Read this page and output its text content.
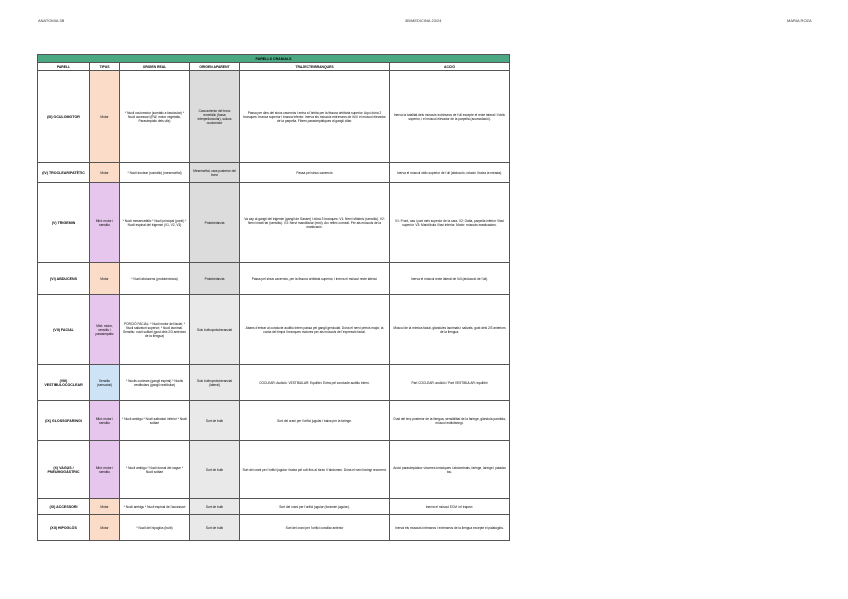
ANATOMIA 3B	3B/MEDICINA 23/24	MARIA ROZA
PARELLS CRANIALS					
PARELL	TIPUS	ORIGEN REAL	ORIGEN APARENT	TRAJECTE/BRANQUES	ACCIÓ
(III) OCULOMOTOR	Motor	* Nucli oculomotor (somàtic a fascicular) * Nucli accessori (EW, motor vegetatiu, Parasimpàtic dels ulls)	Cara anterior del tronc encefàlic (fossa interpeduncular), sulcus oculomotor	Passa per dins del sinus cavernós i entra a l'òrbita per la fissura orbitària superior. Aquí dóna 2 branques: branca superior i branca inferior. Inerva els músculs extrínsecs de l'ull i el múscul elevador de la parpella. Fibres parasimpàtiques al gangli ciliar.	Inerva la totalitat dels músculs extrínsecs de l'ull excepte el recte lateral i l'oblic superior, i el múscul elevador de la parpella (acomodació).
(IV) TROCLEAR/PATÈTIC	Motor	* Nucli troclear (somàtic) (mesencèfal)	Mesencèfal, cara posterior del tronc	Passa pel sinus cavernós	Inerva el múscul oblic superior de l'ull (abducció, rotació i baixa la mirada).
(V) TRIGEMIN	Mixt: motor i sensitiu	* Nucli mesencefàlic * Nucli principal (pontí) * Nucli espinal del trigemin (V1, V2, V3)	Protuberància	Va cap al gangli del trigemin (gangli de Gasser) i dóna 3 branques: V1: Nervi oftàlmic (sensitiu). V2: Nervi maxil·lar (sensitiu). V3: Nervi mandibular (mixt). Arc reflex corneal. Per als músculs de la masticació.	V1: Front, nas i part més superior de la cara. V2: Galta, parpella inferior i llavi superior. V3: Mandíbula i llavi inferior. Motor: músculs masticadors.
(VI) ABDUCENS	Motor	* Nucli abducens (protuberància)	Protuberància	Passa pel sinus cavernós, per la fissura orbitària superior, i inerva el múscul recte lateral.	Inerva el múscul recte lateral de l'ull (abducció de l'ull).
(VII) FACIAL	Mixt: motor, sensitiu i parasimpàtic	PORCIÓ FACIAL: * Nucli motor del facial; * Nucli salivatori superior; * Nucli lacrimal. Sensitiu: nucli solitari (gust dels 2/3 anteriors de la llengua)	Solc bulboprotuberancial	Abans d'entrar al conducte auditiu intern passa pel gangli geniculat. Dóna el nervi petrós major, la corda del timpà i branques motores per als músculs de l'expressió facial.	Múscul de la mímica facial, glàndules lacrimals i salivals, gust dels 2/3 anteriors de la llengua.
(VIII) VESTIBULOCOCLEAR	Sensitiu (sensorial)	* Nuclis coclears (gangli espiral) * Nuclis vestibulars (gangli vestibular)	Solc bulboprotuberancial (lateral)	COCLEAR: Audició. VESTIBULAR: Equilibri. Entra pel conducte auditiu intern.	Part COCLEAR: audició / Part VESTIBULAR: equilibri
(IX) GLOSSOFARINGI	Mixt: motor i sensitiu	* Nucli ambigu * Nucli salivatori inferior * Nucli solitari	Surt de bulb	Surt del crani per l'orifici jugular i baixa per la faringe.	Gust del terç posterior de la llengua, sensibilitat de la faringe, glàndula paròtida, múscul estilofaringi.
(X) VAGUS / PNEUMOGÀSTRIC	Mixt: motor i sensitiu	* Nucli ambigu * Nucli dorsal del vague * Nucli solitari	Surt de bulb	Surt del crani per l'orifici jugular i baixa pel coll fins al tòrax i l'abdomen. Dóna el nervi laringi recurrent.	Acció parasimpàtica: vísceres toràciques i abdominals, faringe, laringe i paladar tou.
(XI) ACCESSORI	Motor	* Nucli ambigu * Nucli espinal de l'accessori	Surt de bulb	Surt del crani per l'orifici jugular (foramen jugular).	Inerva el múscul ECM i el trapezi.
(XII) HIPOGLÒS	Motor	* Nucli del hipoglòs (bulb)	Surt de bulb	Surt del crani per l'orifici condilar anterior	Inerva els músculs intrínsecs i extrínsecs de la llengua excepte el palatoglòs.
